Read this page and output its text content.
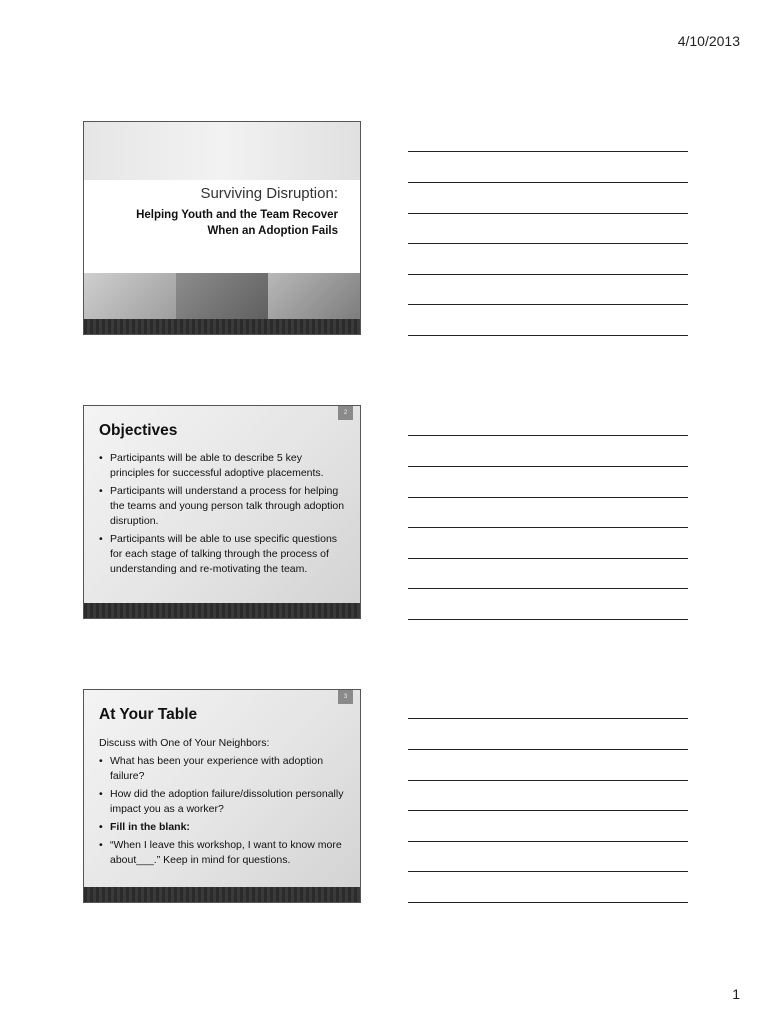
4/10/2013
Surviving Disruption:
Helping Youth and the Team Recover
When an Adoption Fails
2
Objectives
• Participants will be able to describe 5 key principles for successful adoptive placements.
• Participants will understand a process for helping the teams and young person talk through adoption disruption.
• Participants will be able to use specific questions for each stage of talking through the process of understanding and re-motivating the team.
3
At Your Table
Discuss with One of Your Neighbors:
• What has been your experience with adoption failure?
• How did the adoption failure/dissolution personally impact you as a worker?
• Fill in the blank:
• “When I leave this workshop, I want to know more about___.” Keep in mind for questions.
1
